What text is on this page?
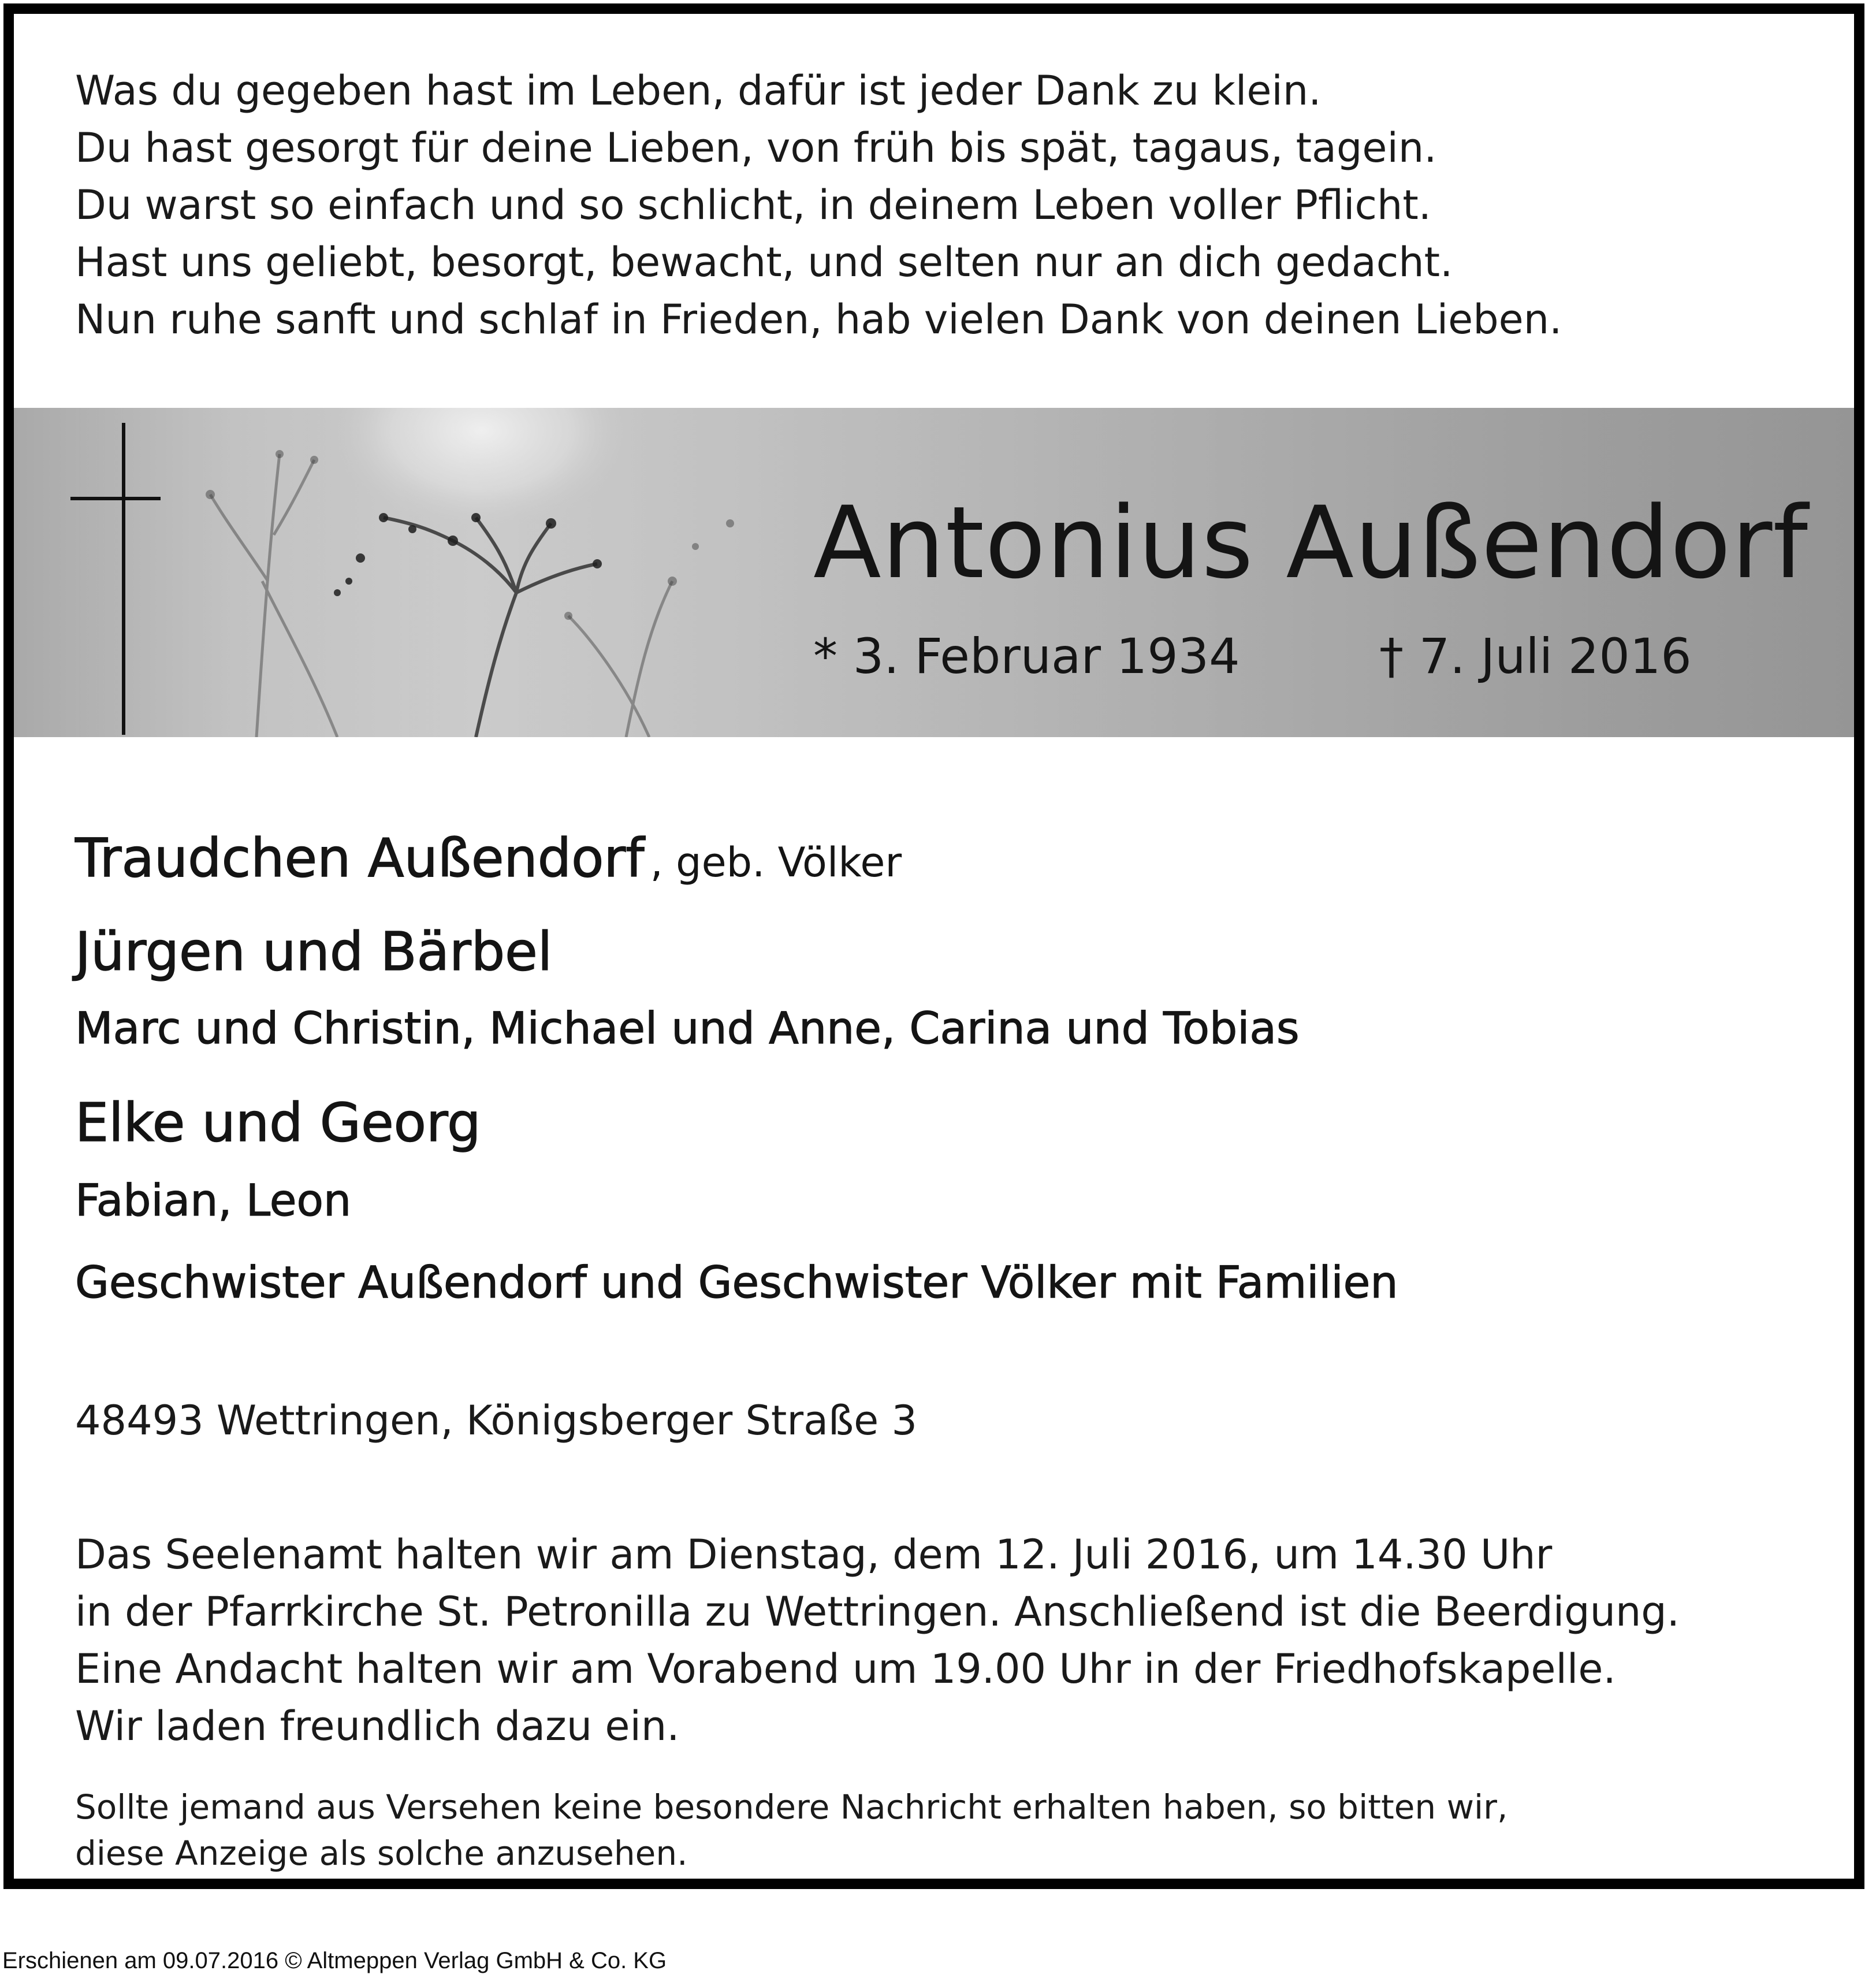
Was du gegeben hast im Leben, dafür ist jeder Dank zu klein.
Du hast gesorgt für deine Lieben, von früh bis spät, tagaus, tagein.
Du warst so einfach und so schlicht, in deinem Leben voller Pflicht.
Hast uns geliebt, besorgt, bewacht, und selten nur an dich gedacht.
Nun ruhe sanft und schlaf in Frieden, hab vielen Dank von deinen Lieben.
Antonius Außendorf
* 3. Februar 1934	† 7. Juli 2016
Traudchen Außendorf , geb. Völker
Jürgen und Bärbel
Marc und Christin, Michael und Anne, Carina und Tobias
Elke und Georg
Fabian, Leon
Geschwister Außendorf und Geschwister Völker mit Familien
48493 Wettringen, Königsberger Straße 3
Das Seelenamt halten wir am Dienstag, dem 12. Juli 2016, um 14.30 Uhr
in der Pfarrkirche St. Petronilla zu Wettringen. Anschließend ist die Beerdigung.
Eine Andacht halten wir am Vorabend um 19.00 Uhr in der Friedhofskapelle.
Wir laden freundlich dazu ein.
Sollte jemand aus Versehen keine besondere Nachricht erhalten haben, so bitten wir,
diese Anzeige als solche anzusehen.
Erschienen am 09.07.2016 © Altmeppen Verlag GmbH & Co. KG
